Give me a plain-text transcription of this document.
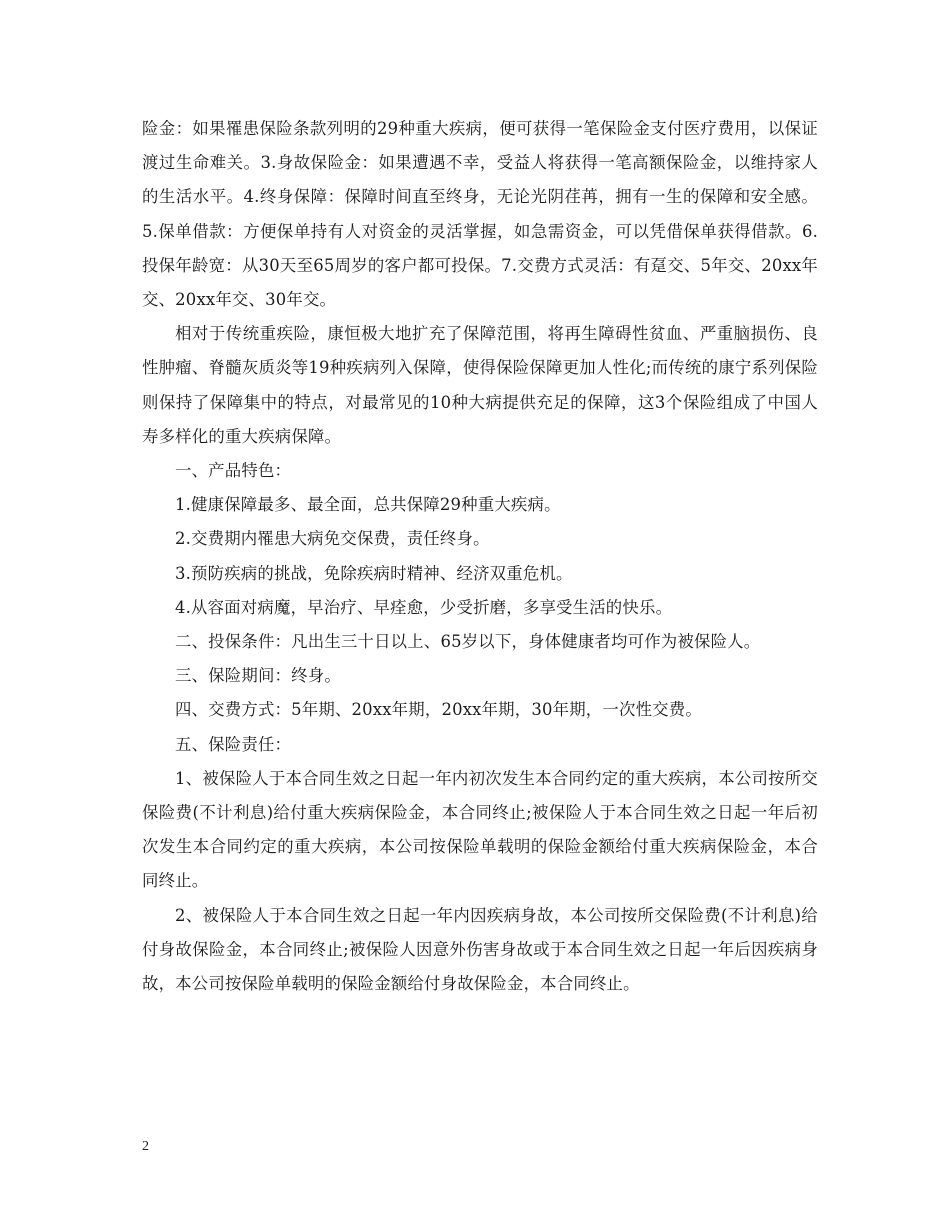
险金：如果罹患保险条款列明的29种重大疾病，便可获得一笔保险金支付医疗费用，以保证渡过生命难关。3.身故保险金：如果遭遇不幸，受益人将获得一笔高额保险金，以维持家人的生活水平。4.终身保障：保障时间直至终身，无论光阴荏苒，拥有一生的保障和安全感。5.保单借款：方便保单持有人对资金的灵活掌握，如急需资金，可以凭借保单获得借款。6.投保年龄宽：从30天至65周岁的客户都可投保。7.交费方式灵活：有趸交、5年交、20xx年交、20xx年交、30年交。

相对于传统重疾险，康恒极大地扩充了保障范围，将再生障碍性贫血、严重脑损伤、良性肿瘤、脊髓灰质炎等19种疾病列入保障，使得保险保障更加人性化;而传统的康宁系列保险则保持了保障集中的特点，对最常见的10种大病提供充足的保障，这3个保险组成了中国人寿多样化的重大疾病保障。

一、产品特色：

1.健康保障最多、最全面，总共保障29种重大疾病。

2.交费期内罹患大病免交保费，责任终身。

3.预防疾病的挑战，免除疾病时精神、经济双重危机。

4.从容面对病魔，早治疗、早痊愈，少受折磨，多享受生活的快乐。

二、投保条件：凡出生三十日以上、65岁以下，身体健康者均可作为被保险人。

三、保险期间：终身。

四、交费方式：5年期、20xx年期，20xx年期，30年期，一次性交费。

五、保险责任：

1、被保险人于本合同生效之日起一年内初次发生本合同约定的重大疾病，本公司按所交保险费(不计利息)给付重大疾病保险金，本合同终止;被保险人于本合同生效之日起一年后初次发生本合同约定的重大疾病，本公司按保险单载明的保险金额给付重大疾病保险金，本合同终止。

2、被保险人于本合同生效之日起一年内因疾病身故，本公司按所交保险费(不计利息)给付身故保险金，本合同终止;被保险人因意外伤害身故或于本合同生效之日起一年后因疾病身故，本公司按保险单载明的保险金额给付身故保险金，本合同终止。

2
